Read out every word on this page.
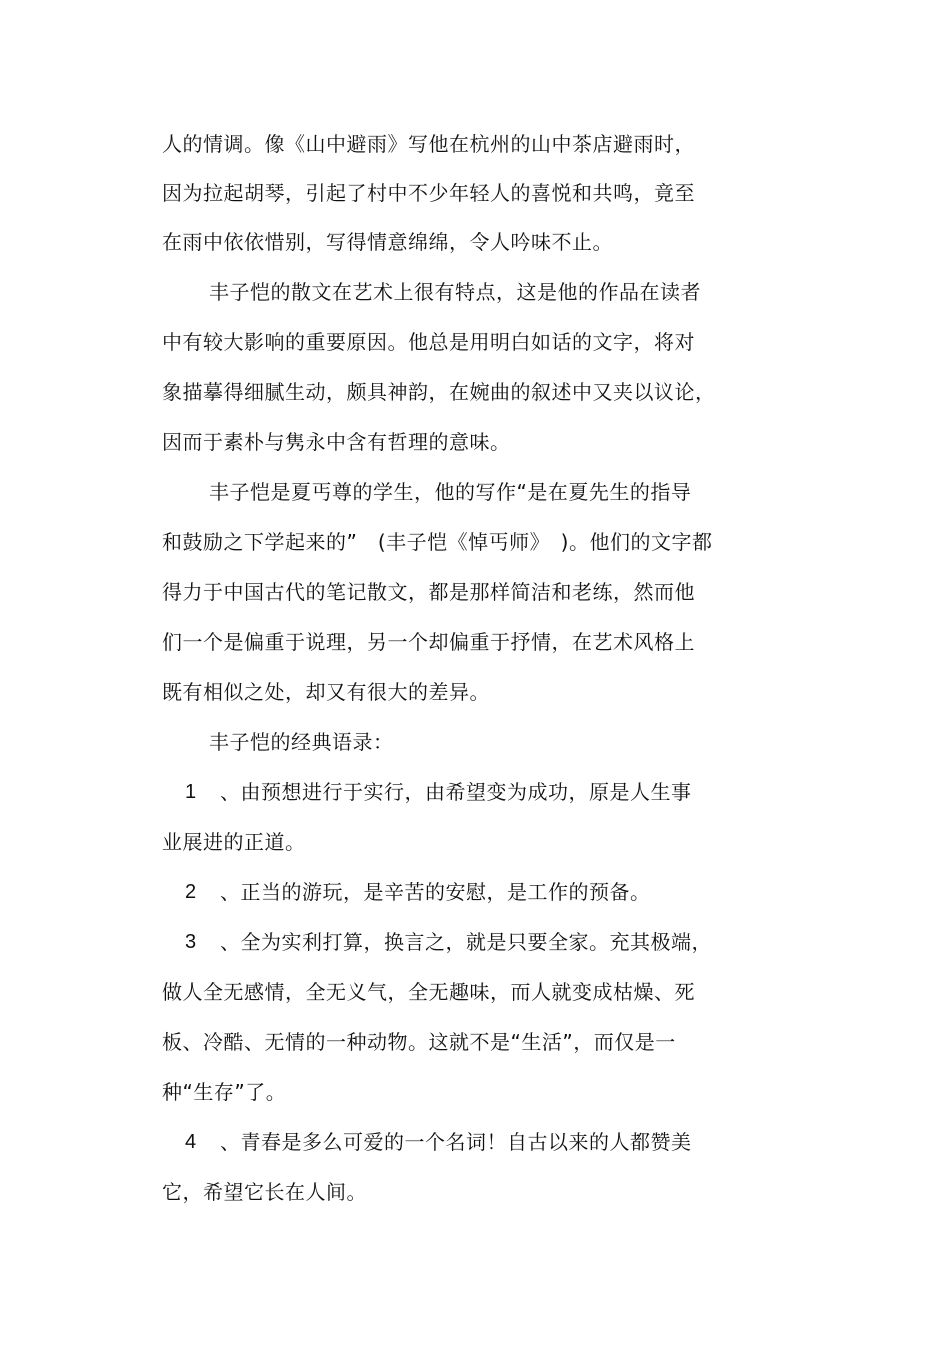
人的情调。像《山中避雨》写他在杭州的山中茶店避雨时，
因为拉起胡琴，引起了村中不少年轻人的喜悦和共鸣，竟至
在雨中依依惜别，写得情意绵绵，令人吟味不止。
丰子恺的散文在艺术上很有特点，这是他的作品在读者
中有较大影响的重要原因。他总是用明白如话的文字，将对
象描摹得细腻生动，颇具神韵，在婉曲的叙述中又夹以议论，
因而于素朴与隽永中含有哲理的意味。
丰子恺是夏丐尊的学生，他的写作“是在夏先生的指导
和鼓励之下学起来的”　(丰子恺《悼丐师》　)。他们的文字都
得力于中国古代的笔记散文，都是那样简洁和老练，然而他
们一个是偏重于说理，另一个却偏重于抒情，在艺术风格上
既有相似之处，却又有很大的差异。
丰子恺的经典语录：
1 、由预想进行于实行，由希望变为成功，原是人生事
业展进的正道。
2 、正当的游玩，是辛苦的安慰，是工作的预备。
3 、全为实利打算，换言之，就是只要全家。充其极端，
做人全无感情，全无义气，全无趣味，而人就变成枯燥、死
板、冷酷、无情的一种动物。这就不是“生活”，而仅是一
种“生存”了。
4 、青春是多么可爱的一个名词！自古以来的人都赞美
它，希望它长在人间。
